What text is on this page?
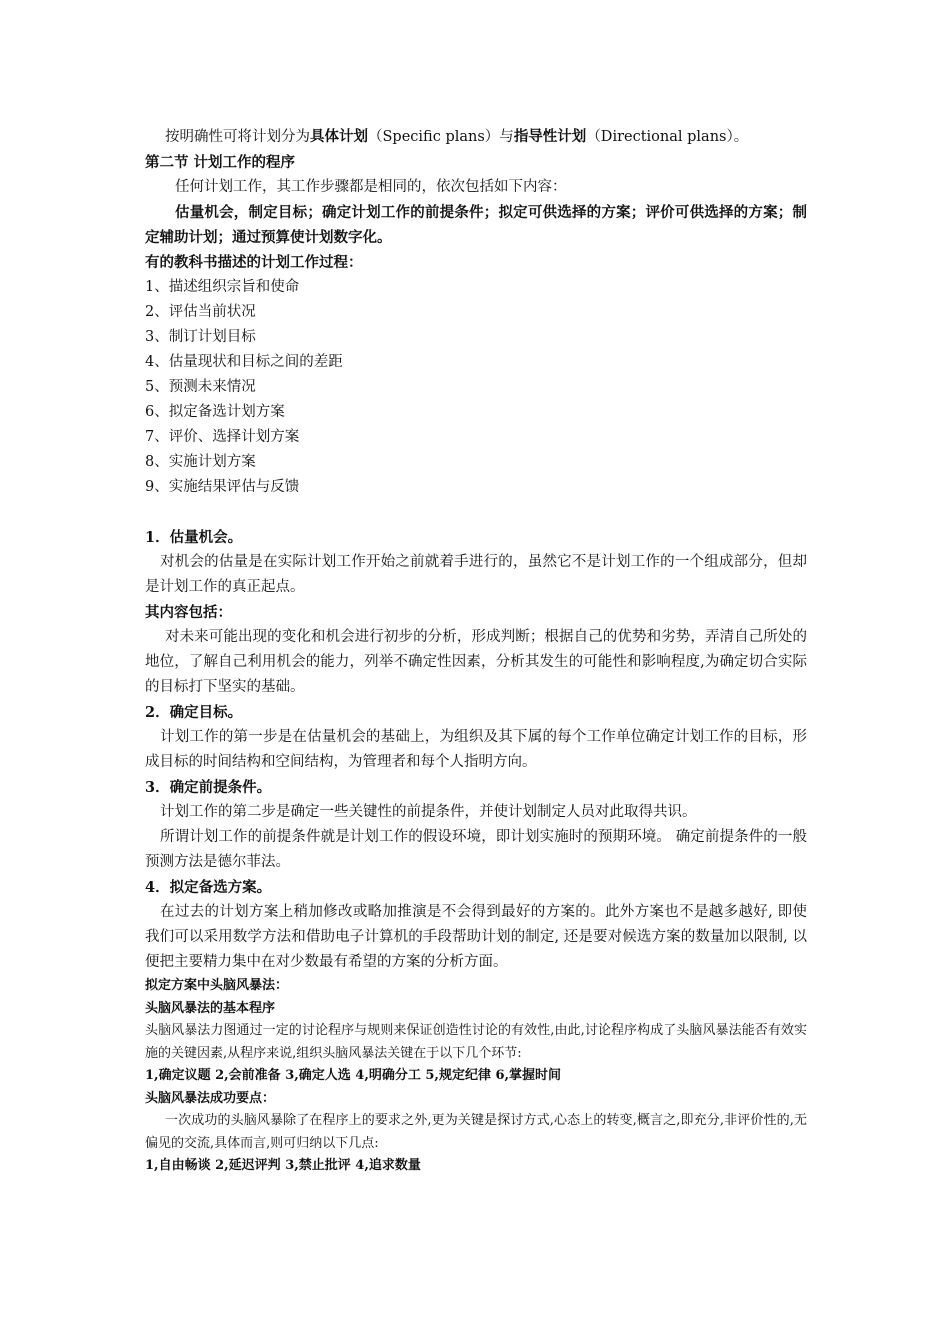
按明确性可将计划分为具体计划（Specific plans）与指导性计划（Directional plans）。

第二节 计划工作的程序

任何计划工作，其工作步骤都是相同的，依次包括如下内容：

估量机会，制定目标；确定计划工作的前提条件；拟定可供选择的方案；评价可供选择的方案；制定辅助计划；通过预算使计划数字化。

有的教科书描述的计划工作过程：

1、描述组织宗旨和使命
2、评估当前状况
3、制订计划目标
4、估量现状和目标之间的差距
5、预测未来情况
6、拟定备选计划方案
7、评价、选择计划方案
8、实施计划方案
9、实施结果评估与反馈

1．估量机会。

对机会的估量是在实际计划工作开始之前就着手进行的，虽然它不是计划工作的一个组成部分，但却是计划工作的真正起点。

其内容包括：

对未来可能出现的变化和机会进行初步的分析，形成判断；根据自己的优势和劣势，弄清自己所处的地位，了解自己利用机会的能力，列举不确定性因素，分析其发生的可能性和影响程度,为确定切合实际的目标打下坚实的基础。

2．确定目标。

计划工作的第一步是在估量机会的基础上，为组织及其下属的每个工作单位确定计划工作的目标，形成目标的时间结构和空间结构，为管理者和每个人指明方向。

3．确定前提条件。

计划工作的第二步是确定一些关键性的前提条件，并使计划制定人员对此取得共识。

所谓计划工作的前提条件就是计划工作的假设环境，即计划实施时的预期环境。 确定前提条件的一般预测方法是德尔菲法。

4．拟定备选方案。

在过去的计划方案上稍加修改或略加推演是不会得到最好的方案的。此外方案也不是越多越好, 即使我们可以采用数学方法和借助电子计算机的手段帮助计划的制定, 还是要对候选方案的数量加以限制, 以便把主要精力集中在对少数最有希望的方案的分析方面。

拟定方案中头脑风暴法：

头脑风暴法的基本程序

头脑风暴法力图通过一定的讨论程序与规则来保证创造性讨论的有效性,由此,讨论程序构成了头脑风暴法能否有效实施的关键因素,从程序来说,组织头脑风暴法关键在于以下几个环节:

1,确定议题 2,会前准备 3,确定人选 4,明确分工 5,规定纪律 6,掌握时间

头脑风暴法成功要点：

一次成功的头脑风暴除了在程序上的要求之外,更为关键是探讨方式,心态上的转变,概言之,即充分,非评价性的,无偏见的交流,具体而言,则可归纳以下几点:

1,自由畅谈 2,延迟评判 3,禁止批评 4,追求数量
